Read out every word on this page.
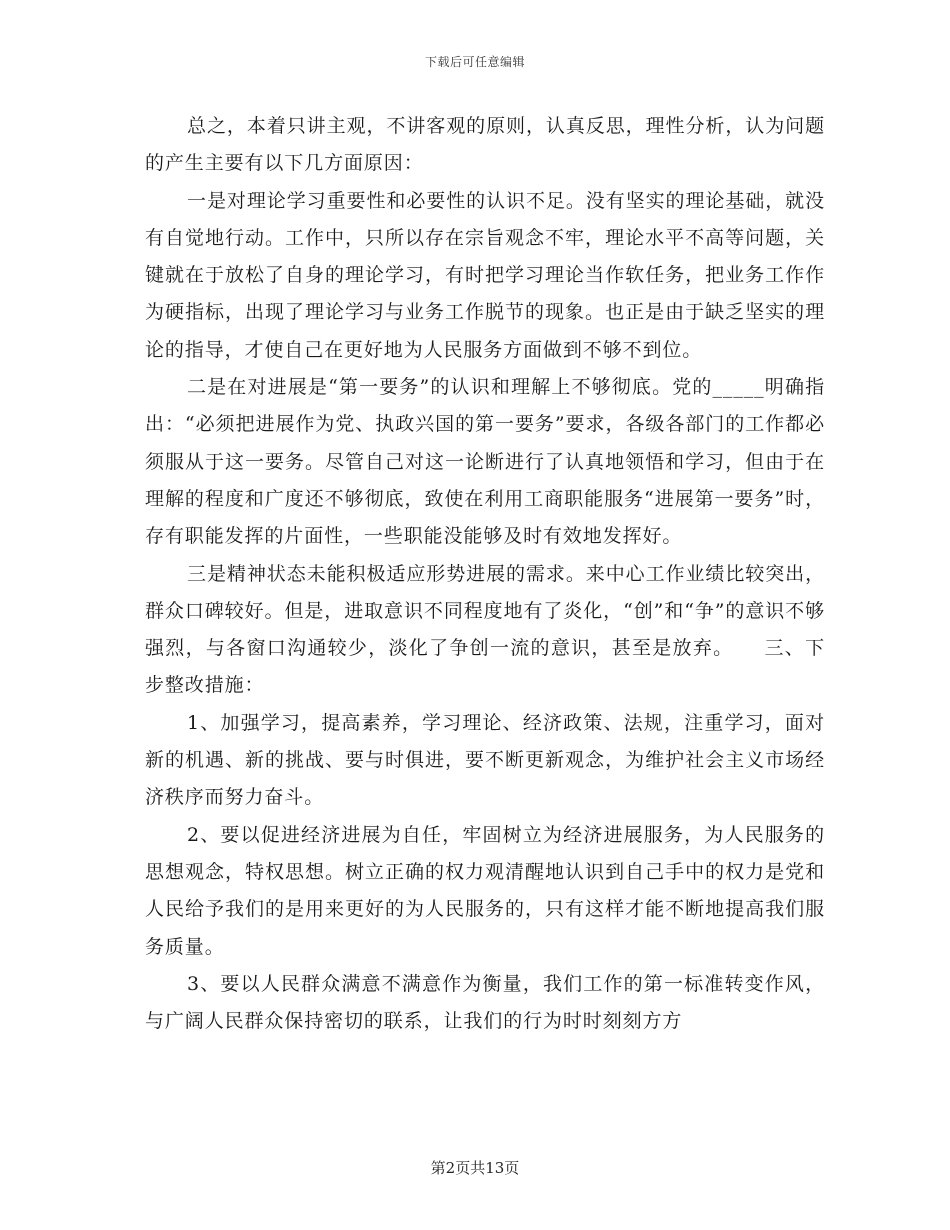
下载后可任意编辑

总之，本着只讲主观，不讲客观的原则，认真反思，理性分析，认为问题的产生主要有以下几方面原因：

一是对理论学习重要性和必要性的认识不足。没有坚实的理论基础，就没有自觉地行动。工作中，只所以存在宗旨观念不牢，理论水平不高等问题，关键就在于放松了自身的理论学习，有时把学习理论当作软任务，把业务工作作为硬指标，出现了理论学习与业务工作脱节的现象。也正是由于缺乏坚实的理论的指导，才使自己在更好地为人民服务方面做到不够不到位。

二是在对进展是“第一要务”的认识和理解上不够彻底。党的_____明确指出：“必须把进展作为党、执政兴国的第一要务”要求，各级各部门的工作都必须服从于这一要务。尽管自己对这一论断进行了认真地领悟和学习，但由于在理解的程度和广度还不够彻底，致使在利用工商职能服务“进展第一要务”时，存有职能发挥的片面性，一些职能没能够及时有效地发挥好。

三是精神状态未能积极适应形势进展的需求。来中心工作业绩比较突出，群众口碑较好。但是，进取意识不同程度地有了炎化，“创”和“争”的意识不够强烈，与各窗口沟通较少，淡化了争创一流的意识，甚至是放弃。　　三、下步整改措施：

1、加强学习，提高素养，学习理论、经济政策、法规，注重学习，面对新的机遇、新的挑战、要与时俱进，要不断更新观念，为维护社会主义市场经济秩序而努力奋斗。

2、要以促进经济进展为自任，牢固树立为经济进展服务，为人民服务的思想观念，特权思想。树立正确的权力观清醒地认识到自己手中的权力是党和人民给予我们的是用来更好的为人民服务的，只有这样才能不断地提高我们服务质量。

3、要以人民群众满意不满意作为衡量，我们工作的第一标准转变作风，与广阔人民群众保持密切的联系，让我们的行为时时刻刻方方

第2页共13页
